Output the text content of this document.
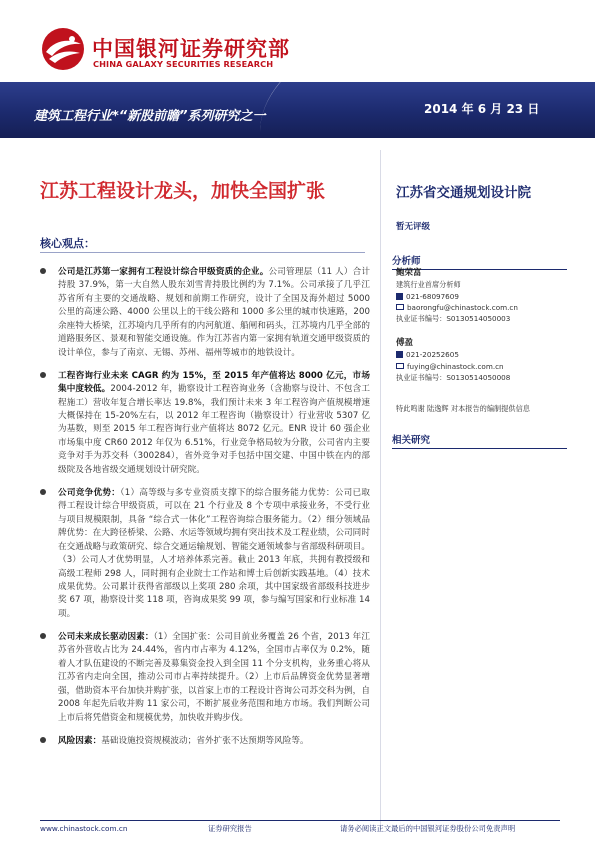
中国银河证券研究部
CHINA GALAXY SECURITIES RESEARCH
建筑工程行业*“新股前瞻”系列研究之一	2014 年 6 月 23 日
江苏工程设计龙头，加快全国扩张
核心观点：
公司是江苏第一家拥有工程设计综合甲级资质的企业。公司管理层（11 人）合计持股 37.9%，第一大自然人股东刘雪青持股比例约为 7.1%。公司承接了几乎江苏省所有主要的交通战略、规划和前期工作研究，设计了全国及海外超过 5000 公里的高速公路、4000 公里以上的干线公路和 1000 多公里的城市快速路，200 余座特大桥梁，江苏境内几乎所有的内河航道、船闸和码头，江苏境内几乎全部的道路服务区、景观和智能交通设施。作为江苏省内第一家拥有轨道交通甲级资质的设计单位，参与了南京、无锡、苏州、福州等城市的地铁设计。
工程咨询行业未来 CAGR 约为 15%，至 2015 年产值将达 8000 亿元，市场集中度较低。2004-2012 年，勘察设计工程咨询业务（含勘察与设计、不包含工程施工）营收年复合增长率达 19.8%，我们预计未来 3 年工程咨询产值规模增速大概保持在 15-20%左右，以 2012 年工程咨询（勘察设计）行业营收 5307 亿为基数，则至 2015 年工程咨询行业产值将达 8072 亿元。ENR 设计 60 强企业市场集中度 CR60 2012 年仅为 6.51%，行业竞争格局较为分散，公司省内主要竞争对手为苏交科（300284），省外竞争对手包括中国交建、中国中铁在内的部级院及各地省级交通规划设计研究院。
公司竞争优势：（1）高等级与多专业资质支撑下的综合服务能力优势：公司已取得工程设计综合甲级资质，可以在 21 个行业及 8 个专项中承接业务，不受行业与项目规模限制，具备 “综合式一体化”工程咨询综合服务能力。（2）细分领域品牌优势：在大跨径桥梁、公路、水运等领域均拥有突出技术及工程业绩，公司同时在交通战略与政策研究、综合交通运输规划、智能交通领域参与省部级科研项目。（3）公司人才优势明显，人才培养体系完善。截止 2013 年底，共拥有教授级和高级工程师 298 人，同时拥有企业院士工作站和博士后创新实践基地。（4）技术成果优势。公司累计获得省部级以上奖项 280 余项，其中国家级省部级科技进步奖 67 项，勘察设计奖 118 项，咨询成果奖 99 项，参与编写国家和行业标准 14 项。
公司未来成长驱动因素：（1）全国扩张：公司目前业务覆盖 26 个省，2013 年江苏省外营收占比为 24.44%，省内市占率为 4.12%，全国市占率仅为 0.2%，随着人才队伍建设的不断完善及募集资金投入到全国 11 个分支机构，业务重心将从江苏省内走向全国，推动公司市占率持续提升。（2）上市后品牌资金优势显著增强，借助资本平台加快并购扩张，以首家上市的工程设计咨询公司苏交科为例，自 2008 年起先后收并购 11 家公司，不断扩展业务范围和地方市场。我们判断公司上市后将凭借资金和规模优势，加快收并购步伐。
风险因素：基础设施投资规模波动；省外扩张不达预期等风险等。
江苏省交通规划设计院
暂无评级
分析师
鲍荣富
建筑行业首席分析师
021-68097609
baorongfu@chinastock.com.cn
执业证书编号：S0130514050003
傅盈
021-20252605
fuying@chinastock.com.cn
执业证书编号：S0130514050008
特此鸣谢 陆逸辉 对本报告的编制提供信息
相关研究
www.chinastock.com.cn	证券研究报告	请务必阅读正文最后的中国银河证券股份公司免责声明
